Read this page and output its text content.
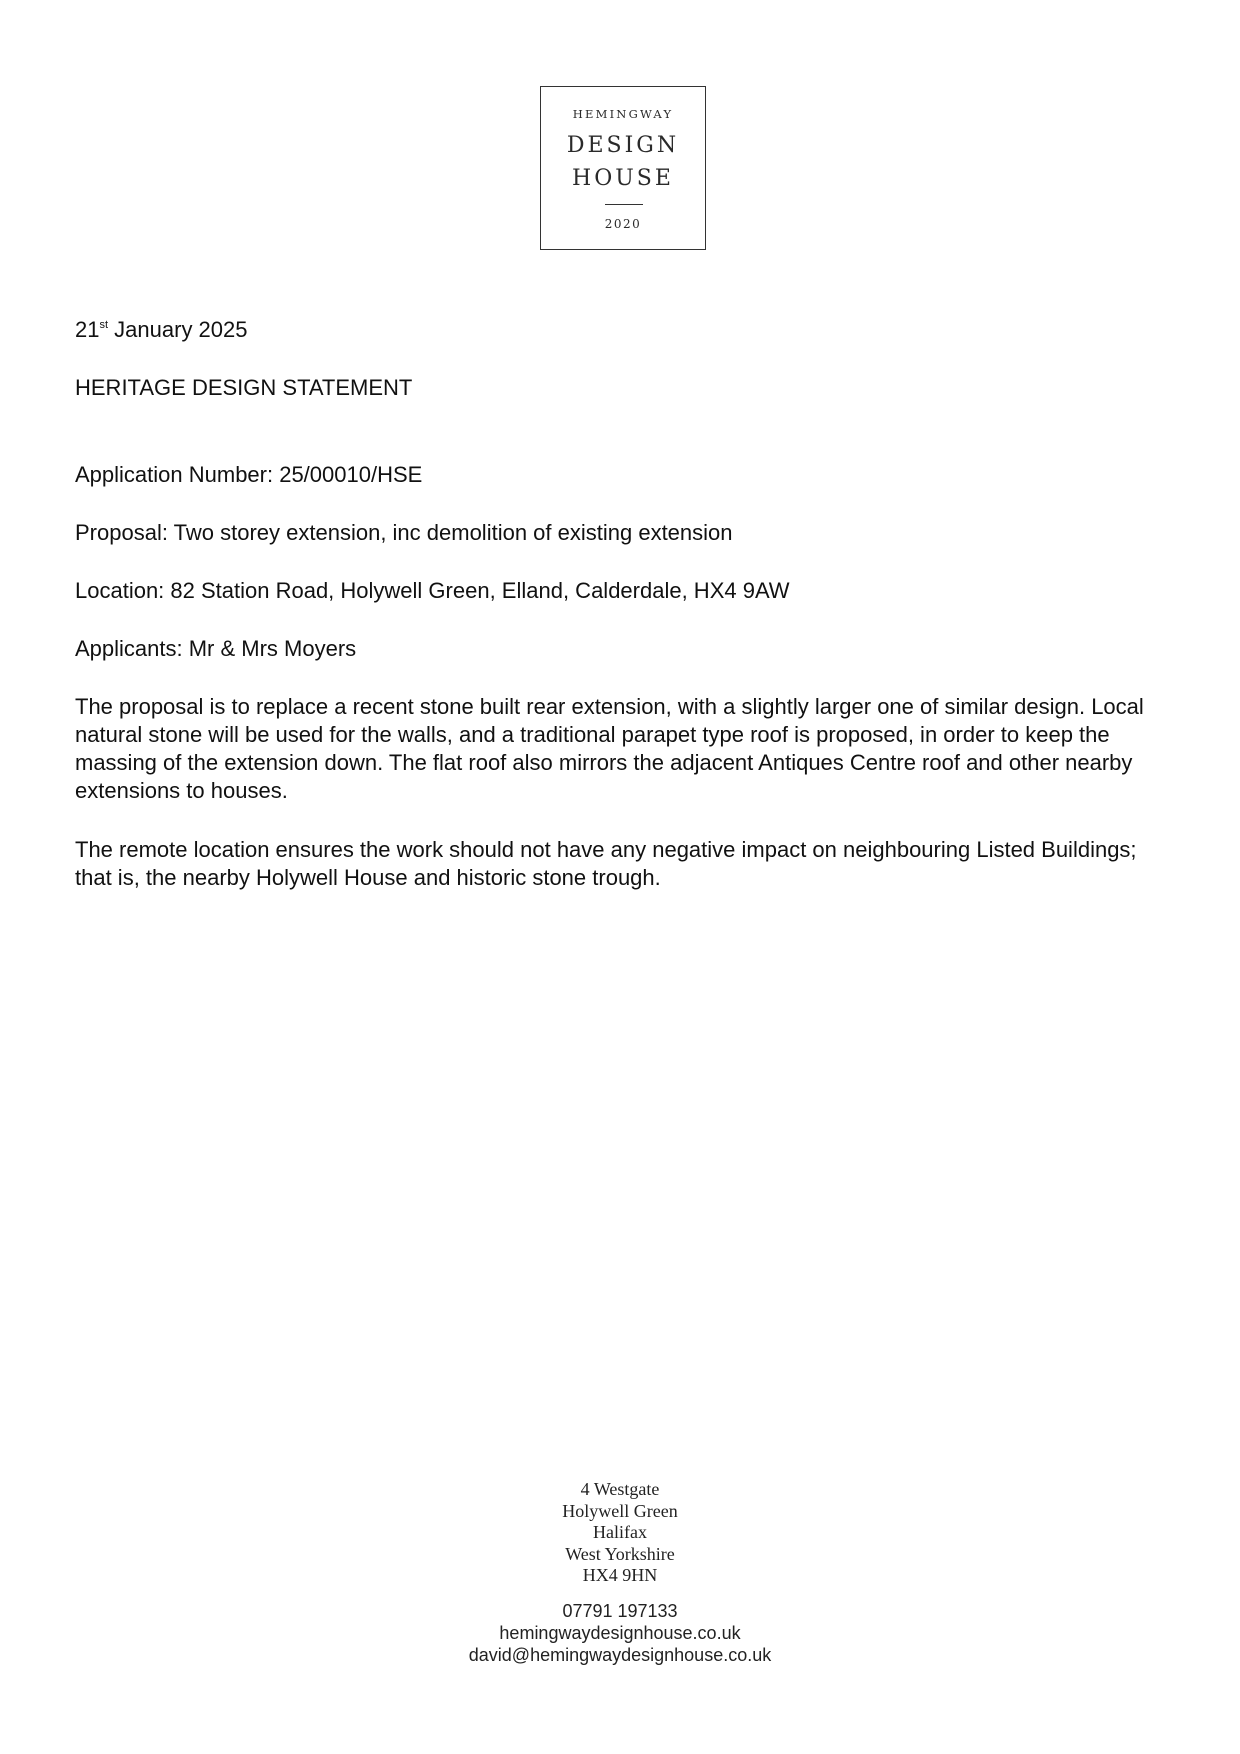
HEMINGWAY
DESIGN
HOUSE
2020
21st January 2025
HERITAGE DESIGN STATEMENT
Application Number: 25/00010/HSE
Proposal: Two storey extension, inc demolition of existing extension
Location: 82 Station Road, Holywell Green, Elland, Calderdale, HX4 9AW
Applicants: Mr & Mrs Moyers
The proposal is to replace a recent stone built rear extension, with a slightly larger one of similar design. Local natural stone will be used for the walls, and a traditional parapet type roof is proposed, in order to keep the massing of the extension down. The flat roof also mirrors the adjacent Antiques Centre roof and other nearby extensions to houses.
The remote location ensures the work should not have any negative impact on neighbouring Listed Buildings; that is, the nearby Holywell House and historic stone trough.
4 Westgate
Holywell Green
Halifax
West Yorkshire
HX4 9HN
07791 197133
hemingwaydesignhouse.co.uk
david@hemingwaydesignhouse.co.uk
